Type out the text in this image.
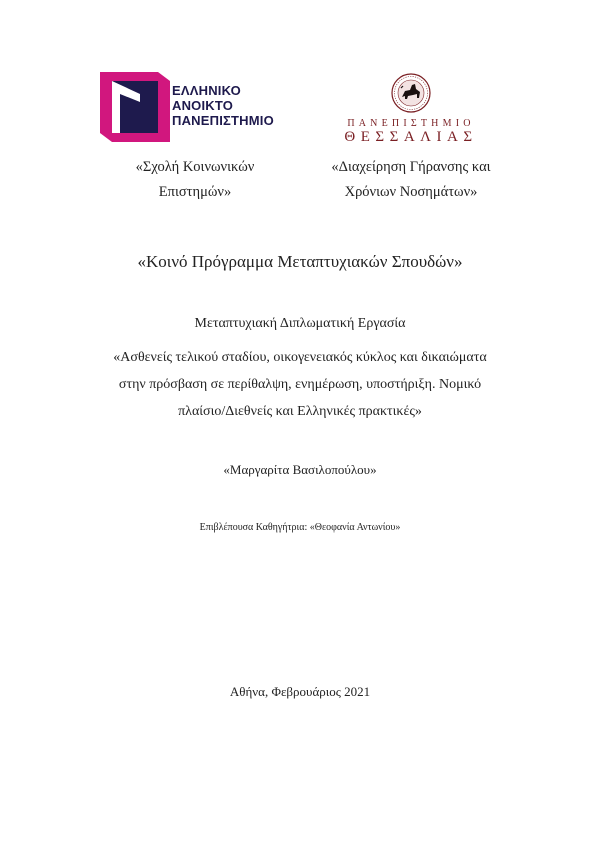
ΕΛΛΗΝΙΚΟ
ΑΝΟΙΚΤΟ
ΠΑΝΕΠΙΣΤΗΜΙΟ	ΠΑΝΕΠΙΣΤΗΜΙΟ
ΘΕΣΣΑΛΙΑΣ
«Σχολή Κοινωνικών
Επιστημών»
«Διαχείρηση Γήρανσης και
Χρόνιων Νοσημάτων»
«Κοινό Πρόγραμμα Μεταπτυχιακών Σπουδών»
Μεταπτυχιακή Διπλωματική Εργασία
«Ασθενείς τελικού σταδίου, οικογενειακός κύκλος και δικαιώματα
στην πρόσβαση σε περίθαλψη, ενημέρωση, υποστήριξη. Νομικό
πλαίσιο/Διεθνείς και Ελληνικές πρακτικές»
«Μαργαρίτα Βασιλοπούλου»
Επιβλέπουσα Καθηγήτρια: «Θεοφανία Αντωνίου»
Αθήνα, Φεβρουάριος 2021
